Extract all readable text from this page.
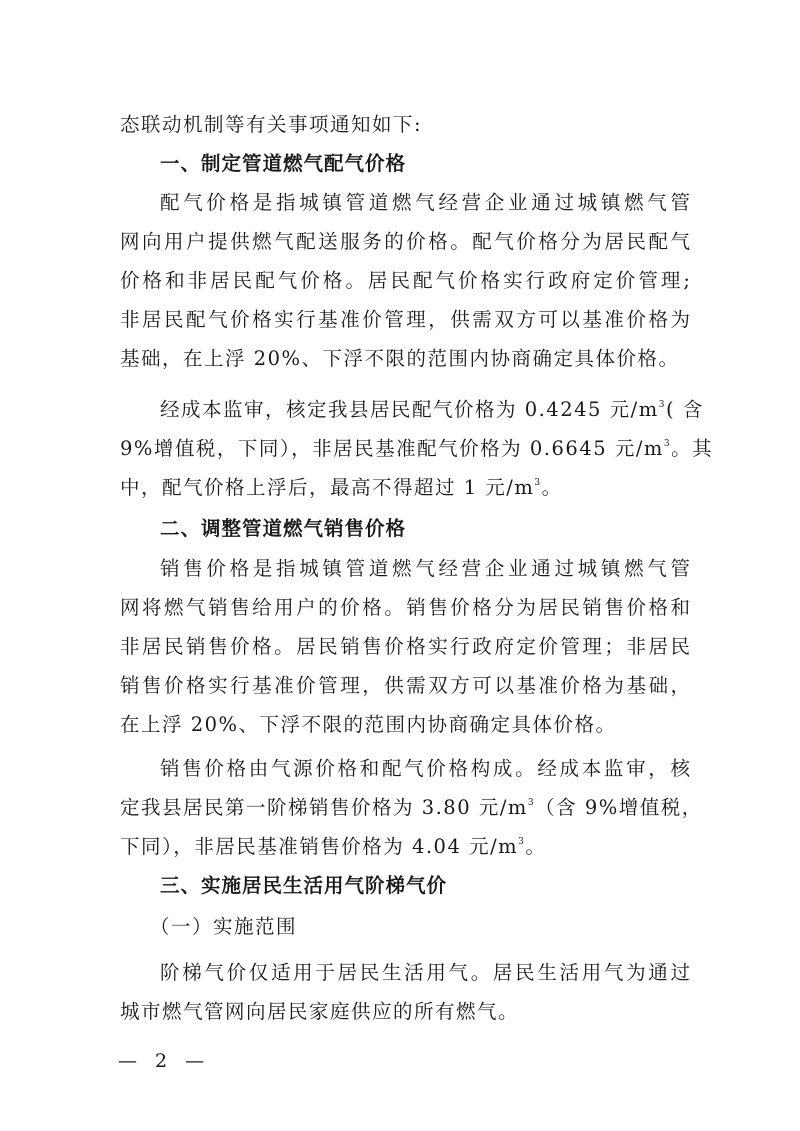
态联动机制等有关事项通知如下:
一、制定管道燃气配气价格
配气价格是指城镇管道燃气经营企业通过城镇燃气管
网向用户提供燃气配送服务的价格。配气价格分为居民配气
价格和非居民配气价格。居民配气价格实行政府定价管理;
非居民配气价格实行基准价管理，供需双方可以基准价格为
基础，在上浮 20%、下浮不限的范围内协商确定具体价格。
经成本监审，核定我县居民配气价格为 0.4245 元$/m^3$( 含
9%增值税，下同），非居民基准配气价格为 0.6645 元$/m^3$。其
中，配气价格上浮后，最高不得超过 1 元$/m^3$。
二、调整管道燃气销售价格
销售价格是指城镇管道燃气经营企业通过城镇燃气管
网将燃气销售给用户的价格。销售价格分为居民销售价格和
非居民销售价格。居民销售价格实行政府定价管理；非居民
销售价格实行基准价管理，供需双方可以基准价格为基础，
在上浮 20%、下浮不限的范围内协商确定具体价格。
销售价格由气源价格和配气价格构成。经成本监审，核
定我县居民第一阶梯销售价格为 3.80 元$/m^3$（含 9%增值税，
下同），非居民基准销售价格为 4.04 元$/m^3$。
三、实施居民生活用气阶梯气价
（一）实施范围
阶梯气价仅适用于居民生活用气。居民生活用气为通过
城市燃气管网向居民家庭供应的所有燃气。
— 2 —
